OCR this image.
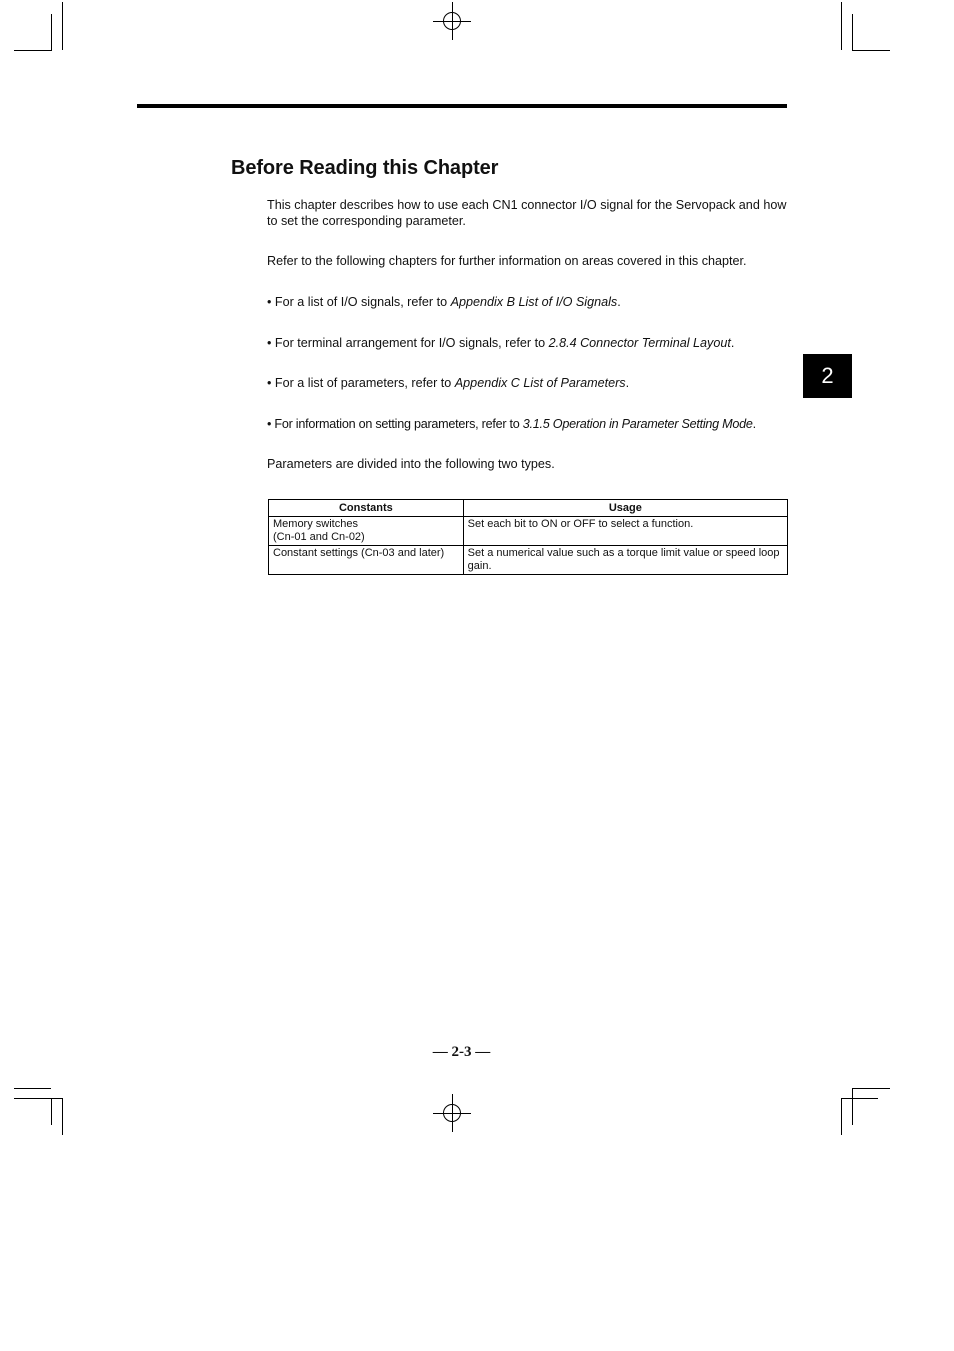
Before Reading this Chapter

This chapter describes how to use each CN1 connector I/O signal for the Servopack and how to set the corresponding parameter.

Refer to the following chapters for further information on areas covered in this chapter.

• For a list of I/O signals, refer to Appendix B List of I/O Signals.

• For terminal arrangement for I/O signals, refer to 2.8.4 Connector Terminal Layout.

• For a list of parameters, refer to Appendix C List of Parameters.

• For information on setting parameters, refer to 3.1.5 Operation in Parameter Setting Mode.

Parameters are divided into the following two types.

2
Constants	Usage
Memory switches
(Cn-01 and Cn-02)	Set each bit to ON or OFF to select a function.
Constant settings (Cn-03 and later)	Set a numerical value such as a torque limit value or speed loop gain.
— 2-3 —
